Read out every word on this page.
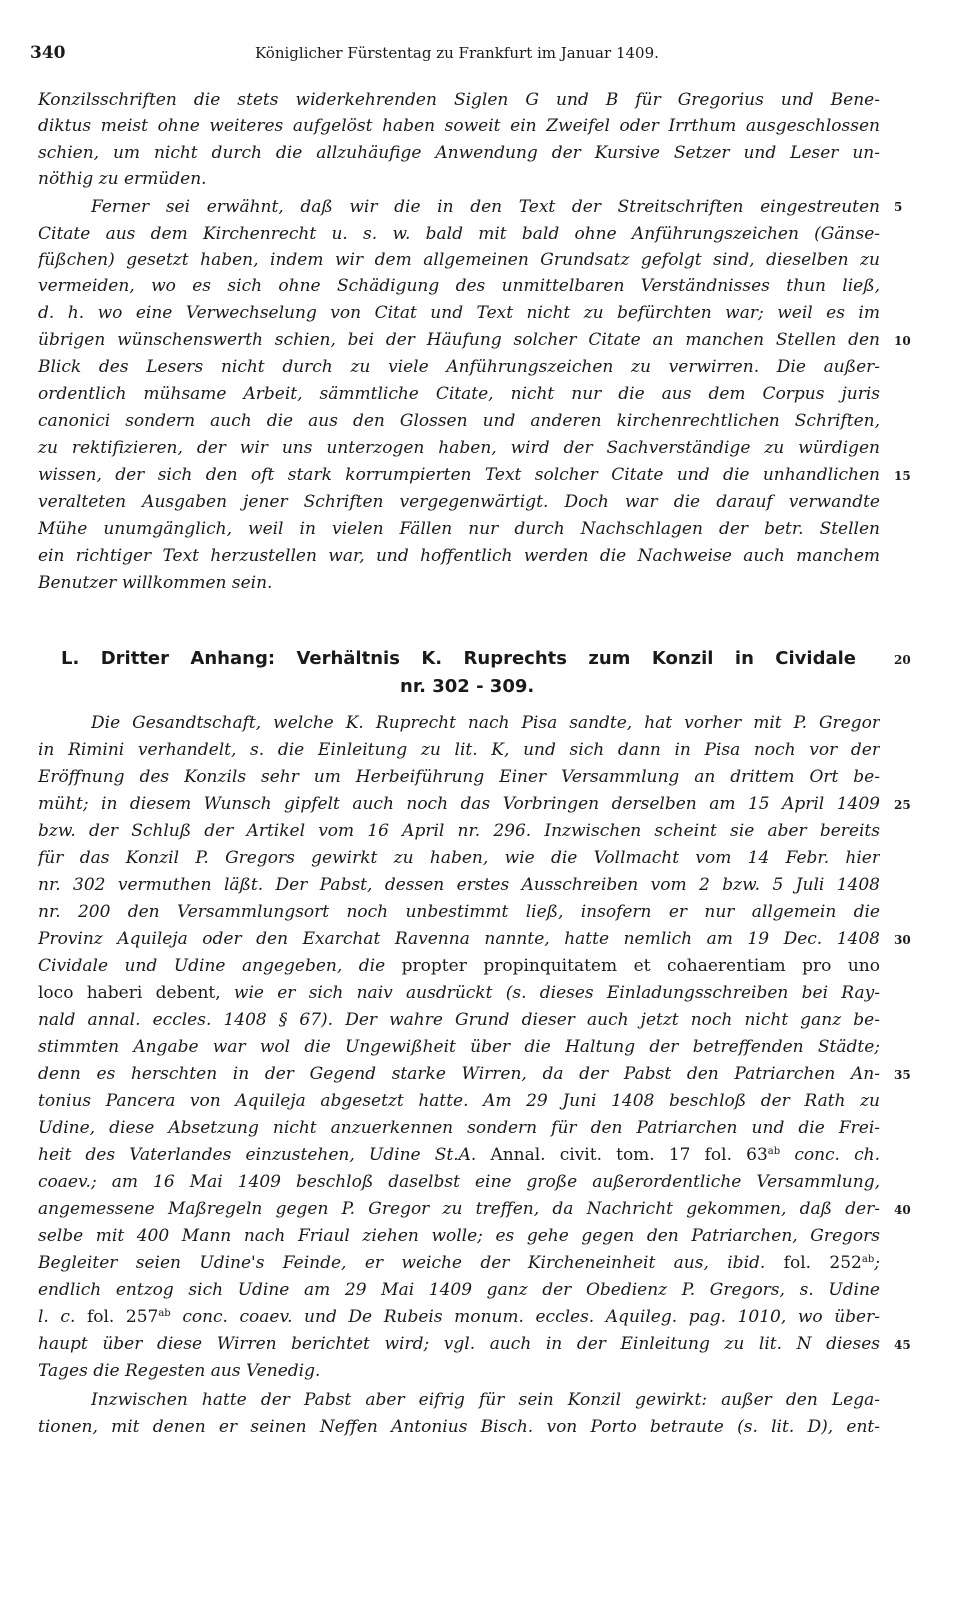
340	Königlicher Fürstentag zu Frankfurt im Januar 1409.
Konzilsschriften die stets widerkehrenden Siglen G und B für Gregorius und Bene-
diktus meist ohne weiteres aufgelöst haben soweit ein Zweifel oder Irrthum ausgeschlossen
schien, um nicht durch die allzuhäufige Anwendung der Kursive Setzer und Leser un-
nöthig zu ermüden.
Ferner sei erwähnt, daß wir die in den Text der Streitschriften eingestreuten
Citate aus dem Kirchenrecht u. s. w. bald mit bald ohne Anführungszeichen (Gänse-
füßchen) gesetzt haben, indem wir dem allgemeinen Grundsatz gefolgt sind, dieselben zu
vermeiden, wo es sich ohne Schädigung des unmittelbaren Verständnisses thun ließ,
d. h. wo eine Verwechselung von Citat und Text nicht zu befürchten war; weil es im
übrigen wünschenswerth schien, bei der Häufung solcher Citate an manchen Stellen den
Blick des Lesers nicht durch zu viele Anführungszeichen zu verwirren. Die außer-
ordentlich mühsame Arbeit, sämmtliche Citate, nicht nur die aus dem Corpus juris
canonici sondern auch die aus den Glossen und anderen kirchenrechtlichen Schriften,
zu rektifizieren, der wir uns unterzogen haben, wird der Sachverständige zu würdigen
wissen, der sich den oft stark korrumpierten Text solcher Citate und die unhandlichen
veralteten Ausgaben jener Schriften vergegenwärtigt. Doch war die darauf verwandte
Mühe unumgänglich, weil in vielen Fällen nur durch Nachschlagen der betr. Stellen
ein richtiger Text herzustellen war, und hoffentlich werden die Nachweise auch manchem
Benutzer willkommen sein.
L. Dritter Anhang: Verhältnis K. Ruprechts zum Konzil in Cividale
nr. 302 - 309.
Die Gesandtschaft, welche K. Ruprecht nach Pisa sandte, hat vorher mit P. Gregor
in Rimini verhandelt, s. die Einleitung zu lit. K, und sich dann in Pisa noch vor der
Eröffnung des Konzils sehr um Herbeiführung Einer Versammlung an drittem Ort be-
müht; in diesem Wunsch gipfelt auch noch das Vorbringen derselben am 15 April 1409
bzw. der Schluß der Artikel vom 16 April nr. 296. Inzwischen scheint sie aber bereits
für das Konzil P. Gregors gewirkt zu haben, wie die Vollmacht vom 14 Febr. hier
nr. 302 vermuthen läßt. Der Pabst, dessen erstes Ausschreiben vom 2 bzw. 5 Juli 1408
nr. 200 den Versammlungsort noch unbestimmt ließ, insofern er nur allgemein die
Provinz Aquileja oder den Exarchat Ravenna nannte, hatte nemlich am 19 Dec. 1408
Cividale und Udine angegeben, die propter propinquitatem et cohaerentiam pro uno
loco haberi debent, wie er sich naiv ausdrückt (s. dieses Einladungsschreiben bei Ray-
nald annal. eccles. 1408 § 67). Der wahre Grund dieser auch jetzt noch nicht ganz be-
stimmten Angabe war wol die Ungewißheit über die Haltung der betreffenden Städte;
denn es herschten in der Gegend starke Wirren, da der Pabst den Patriarchen An-
tonius Pancera von Aquileja abgesetzt hatte. Am 29 Juni 1408 beschloß der Rath zu
Udine, diese Absetzung nicht anzuerkennen sondern für den Patriarchen und die Frei-
heit des Vaterlandes einzustehen, Udine St.A. Annal. civit. tom. 17 fol. $63^{ab}$ conc. ch.
coaev.; am 16 Mai 1409 beschloß daselbst eine große außerordentliche Versammlung,
angemessene Maßregeln gegen P. Gregor zu treffen, da Nachricht gekommen, daß der-
selbe mit 400 Mann nach Friaul ziehen wolle; es gehe gegen den Patriarchen, Gregors
Begleiter seien Udine's Feinde, er weiche der Kircheneinheit aus, ibid. fol. $252^{ab}$;
endlich entzog sich Udine am 29 Mai 1409 ganz der Obedienz P. Gregors, s. Udine
l. c. fol. $257^{ab}$ conc. coaev. und De Rubeis monum. eccles. Aquileg. pag. 1010, wo über-
haupt über diese Wirren berichtet wird; vgl. auch in der Einleitung zu lit. N dieses
Tages die Regesten aus Venedig.
Inzwischen hatte der Pabst aber eifrig für sein Konzil gewirkt: außer den Lega-
tionen, mit denen er seinen Neffen Antonius Bisch. von Porto betraute (s. lit. D), ent-
5
10
15
20
25
30
35
40
45
